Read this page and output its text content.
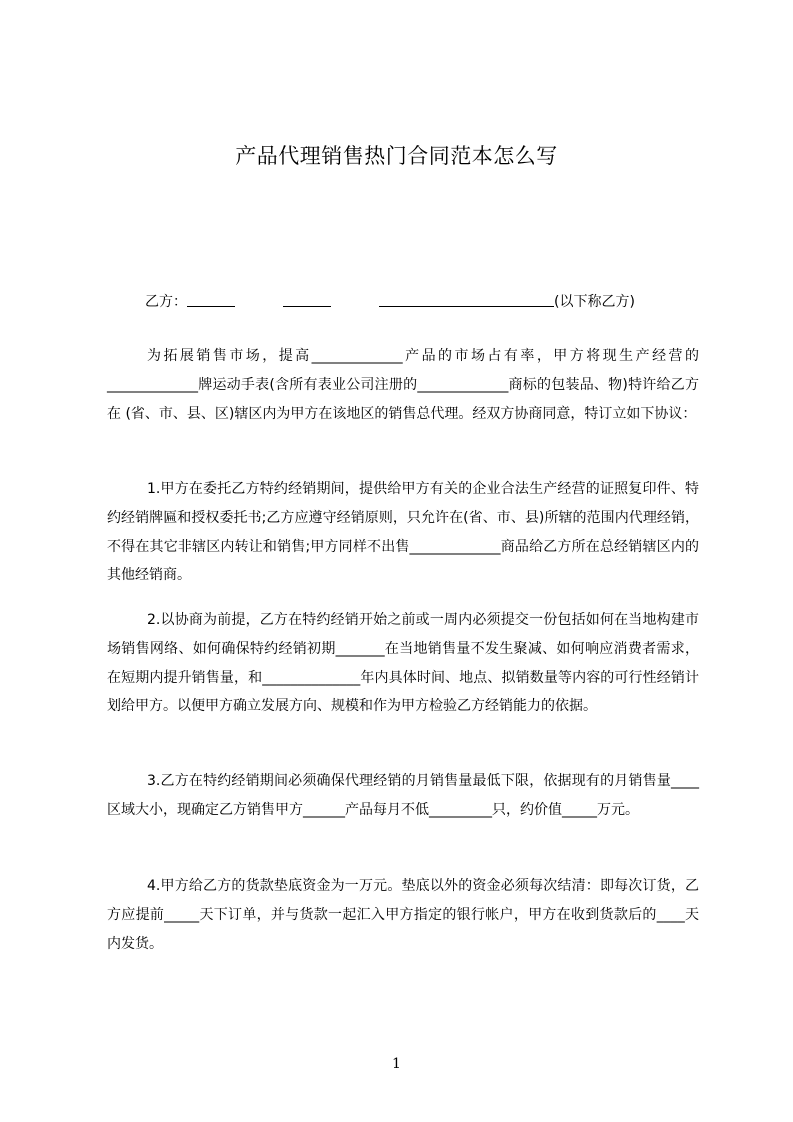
产品代理销售热门合同范本怎么写
乙方：	(以下称乙方)
为拓展销售市场，提高_____________产品的市场占有率，甲方将现生产经营的_____________牌运动手表(含所有表业公司注册的_____________商标的包装品、物)特许给乙方在 (省、市、县、区)辖区内为甲方在该地区的销售总代理。经双方协商同意，特订立如下协议：
1.甲方在委托乙方特约经销期间，提供给甲方有关的企业合法生产经营的证照复印件、特约经销牌匾和授权委托书;乙方应遵守经销原则，只允许在(省、市、县)所辖的范围内代理经销，不得在其它非辖区内转让和销售;甲方同样不出售_____________商品给乙方所在总经销辖区内的其他经销商。
2.以协商为前提，乙方在特约经销开始之前或一周内必须提交一份包括如何在当地构建市场销售网络、如何确保特约经销初期_______在当地销售量不发生聚减、如何响应消费者需求，在短期内提升销售量，和______________年内具体时间、地点、拟销数量等内容的可行性经销计划给甲方。以便甲方确立发展方向、规模和作为甲方检验乙方经销能力的依据。
3.乙方在特约经销期间必须确保代理经销的月销售量最低下限，依据现有的月销售量____区域大小，现确定乙方销售甲方______产品每月不低_________只，约价值_____万元。
4.甲方给乙方的货款垫底资金为一万元。垫底以外的资金必须每次结清：即每次订货，乙方应提前_____天下订单，并与货款一起汇入甲方指定的银行帐户，甲方在收到货款后的____天内发货。
1
